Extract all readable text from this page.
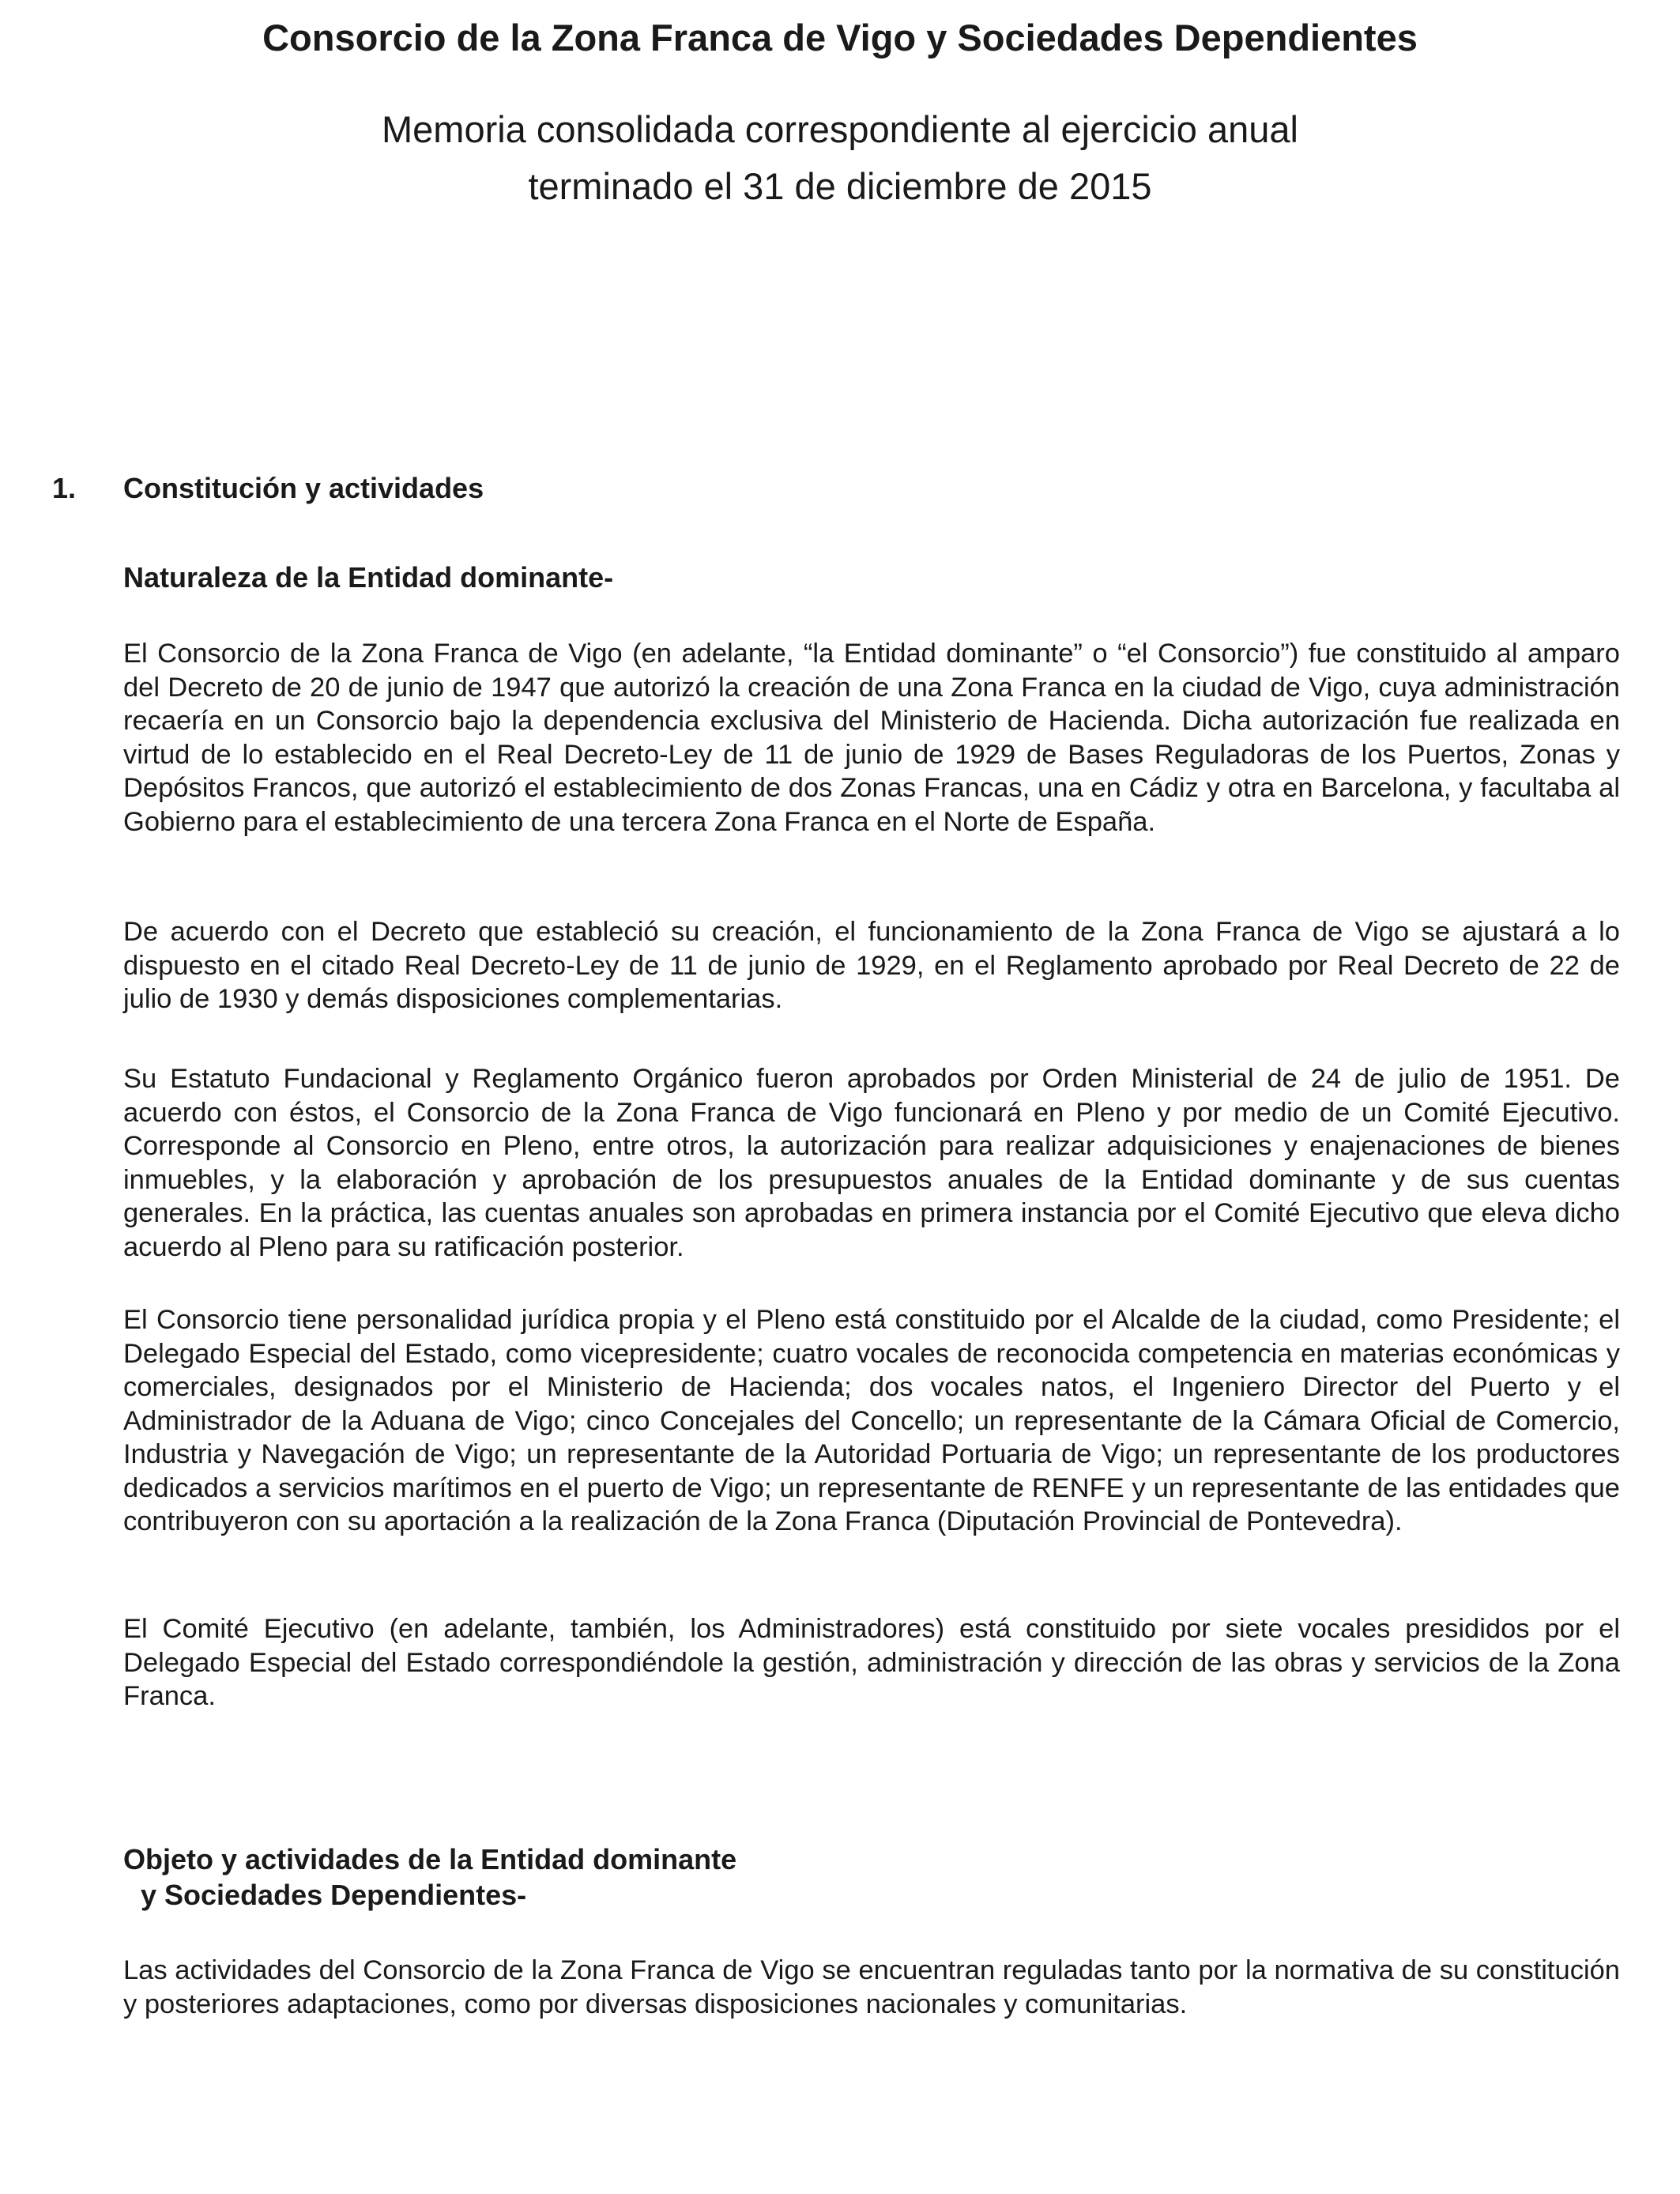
Consorcio de la Zona Franca de Vigo y Sociedades Dependientes
Memoria consolidada correspondiente al ejercicio anual
terminado el 31 de diciembre de 2015
1.	Constitución y actividades
Naturaleza de la Entidad dominante-

El Consorcio de la Zona Franca de Vigo (en adelante, “la Entidad dominante” o “el Consorcio”) fue constituido al amparo del Decreto de 20 de junio de 1947 que autorizó la creación de una Zona Franca en la ciudad de Vigo, cuya administración recaería en un Consorcio bajo la dependencia exclusiva del Ministerio de Hacienda. Dicha autorización fue realizada en virtud de lo establecido en el Real Decreto-Ley de 11 de junio de 1929 de Bases Reguladoras de los Puertos, Zonas y Depósitos Francos, que autorizó el establecimiento de dos Zonas Francas, una en Cádiz y otra en Barcelona, y facultaba al Gobierno para el establecimiento de una tercera Zona Franca en el Norte de España.

De acuerdo con el Decreto que estableció su creación, el funcionamiento de la Zona Franca de Vigo se ajustará a lo dispuesto en el citado Real Decreto-Ley de 11 de junio de 1929, en el Reglamento aprobado por Real Decreto de 22 de julio de 1930 y demás disposiciones complementarias.

Su Estatuto Fundacional y Reglamento Orgánico fueron aprobados por Orden Ministerial de 24 de julio de 1951. De acuerdo con éstos, el Consorcio de la Zona Franca de Vigo funcionará en Pleno y por medio de un Comité Ejecutivo. Corresponde al Consorcio en Pleno, entre otros, la autorización para realizar adquisiciones y enajenaciones de bienes inmuebles, y la elaboración y aprobación de los presupuestos anuales de la Entidad dominante y de sus cuentas generales. En la práctica, las cuentas anuales son aprobadas en primera instancia por el Comité Ejecutivo que eleva dicho acuerdo al Pleno para su ratificación posterior.

El Consorcio tiene personalidad jurídica propia y el Pleno está constituido por el Alcalde de la ciudad, como Presidente; el Delegado Especial del Estado, como vicepresidente; cuatro vocales de reconocida competencia en materias económicas y comerciales, designados por el Ministerio de Hacienda; dos vocales natos, el Ingeniero Director del Puerto y el Administrador de la Aduana de Vigo; cinco Concejales del Concello; un representante de la Cámara Oficial de Comercio, Industria y Navegación de Vigo; un representante de la Autoridad Portuaria de Vigo; un representante de los productores dedicados a servicios marítimos en el puerto de Vigo; un representante de RENFE y un representante de las entidades que contribuyeron con su aportación a la realización de la Zona Franca (Diputación Provincial de Pontevedra).

El Comité Ejecutivo (en adelante, también, los Administradores) está constituido por siete vocales presididos por el Delegado Especial del Estado correspondiéndole la gestión, administración y dirección de las obras y servicios de la Zona Franca.

Objeto y actividades de la Entidad dominante
y Sociedades Dependientes-

Las actividades del Consorcio de la Zona Franca de Vigo se encuentran reguladas tanto por la normativa de su constitución y posteriores adaptaciones, como por diversas disposiciones nacionales y comunitarias.
